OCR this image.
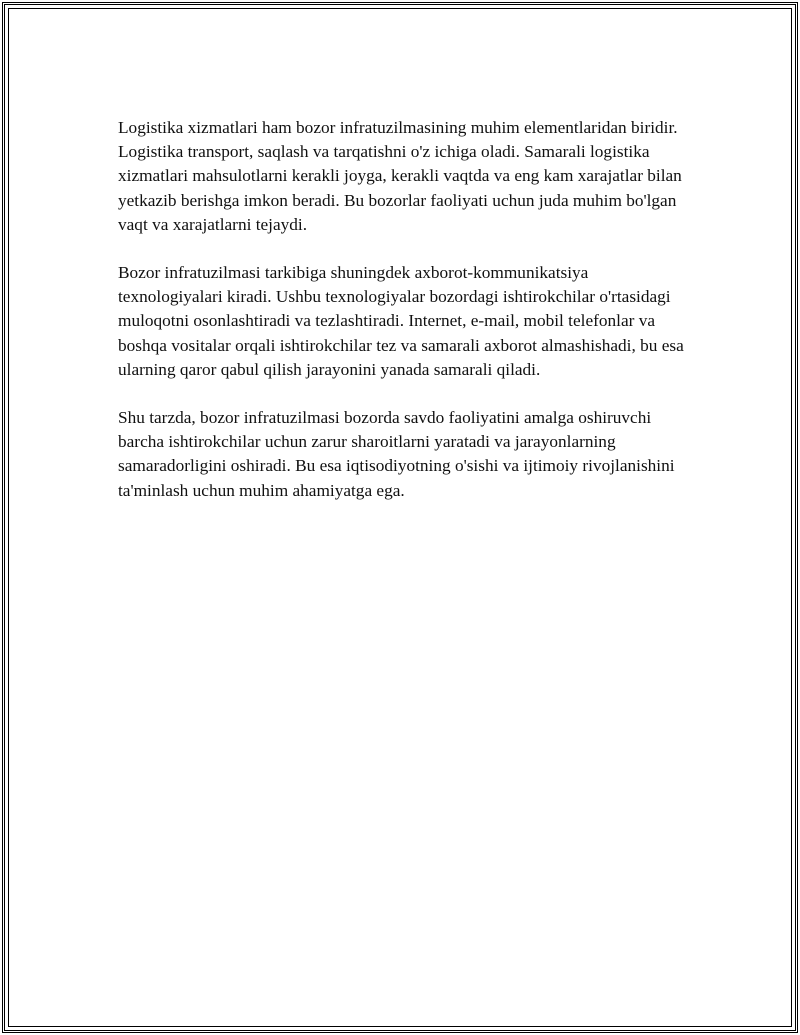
Logistika xizmatlari ham bozor infratuzilmasining muhim elementlaridan biridir. Logistika transport, saqlash va tarqatishni o'z ichiga oladi. Samarali logistika xizmatlari mahsulotlarni kerakli joyga, kerakli vaqtda va eng kam xarajatlar bilan yetkazib berishga imkon beradi. Bu bozorlar faoliyati uchun juda muhim bo'lgan vaqt va xarajatlarni tejaydi.

Bozor infratuzilmasi tarkibiga shuningdek axborot-kommunikatsiya texnologiyalari kiradi. Ushbu texnologiyalar bozordagi ishtirokchilar o'rtasidagi muloqotni osonlashtiradi va tezlashtiradi. Internet, e-mail, mobil telefonlar va boshqa vositalar orqali ishtirokchilar tez va samarali axborot almashishadi, bu esa ularning qaror qabul qilish jarayonini yanada samarali qiladi.

Shu tarzda, bozor infratuzilmasi bozorda savdo faoliyatini amalga oshiruvchi barcha ishtirokchilar uchun zarur sharoitlarni yaratadi va jarayonlarning samaradorligini oshiradi. Bu esa iqtisodiyotning o'sishi va ijtimoiy rivojlanishini ta'minlash uchun muhim ahamiyatga ega.
